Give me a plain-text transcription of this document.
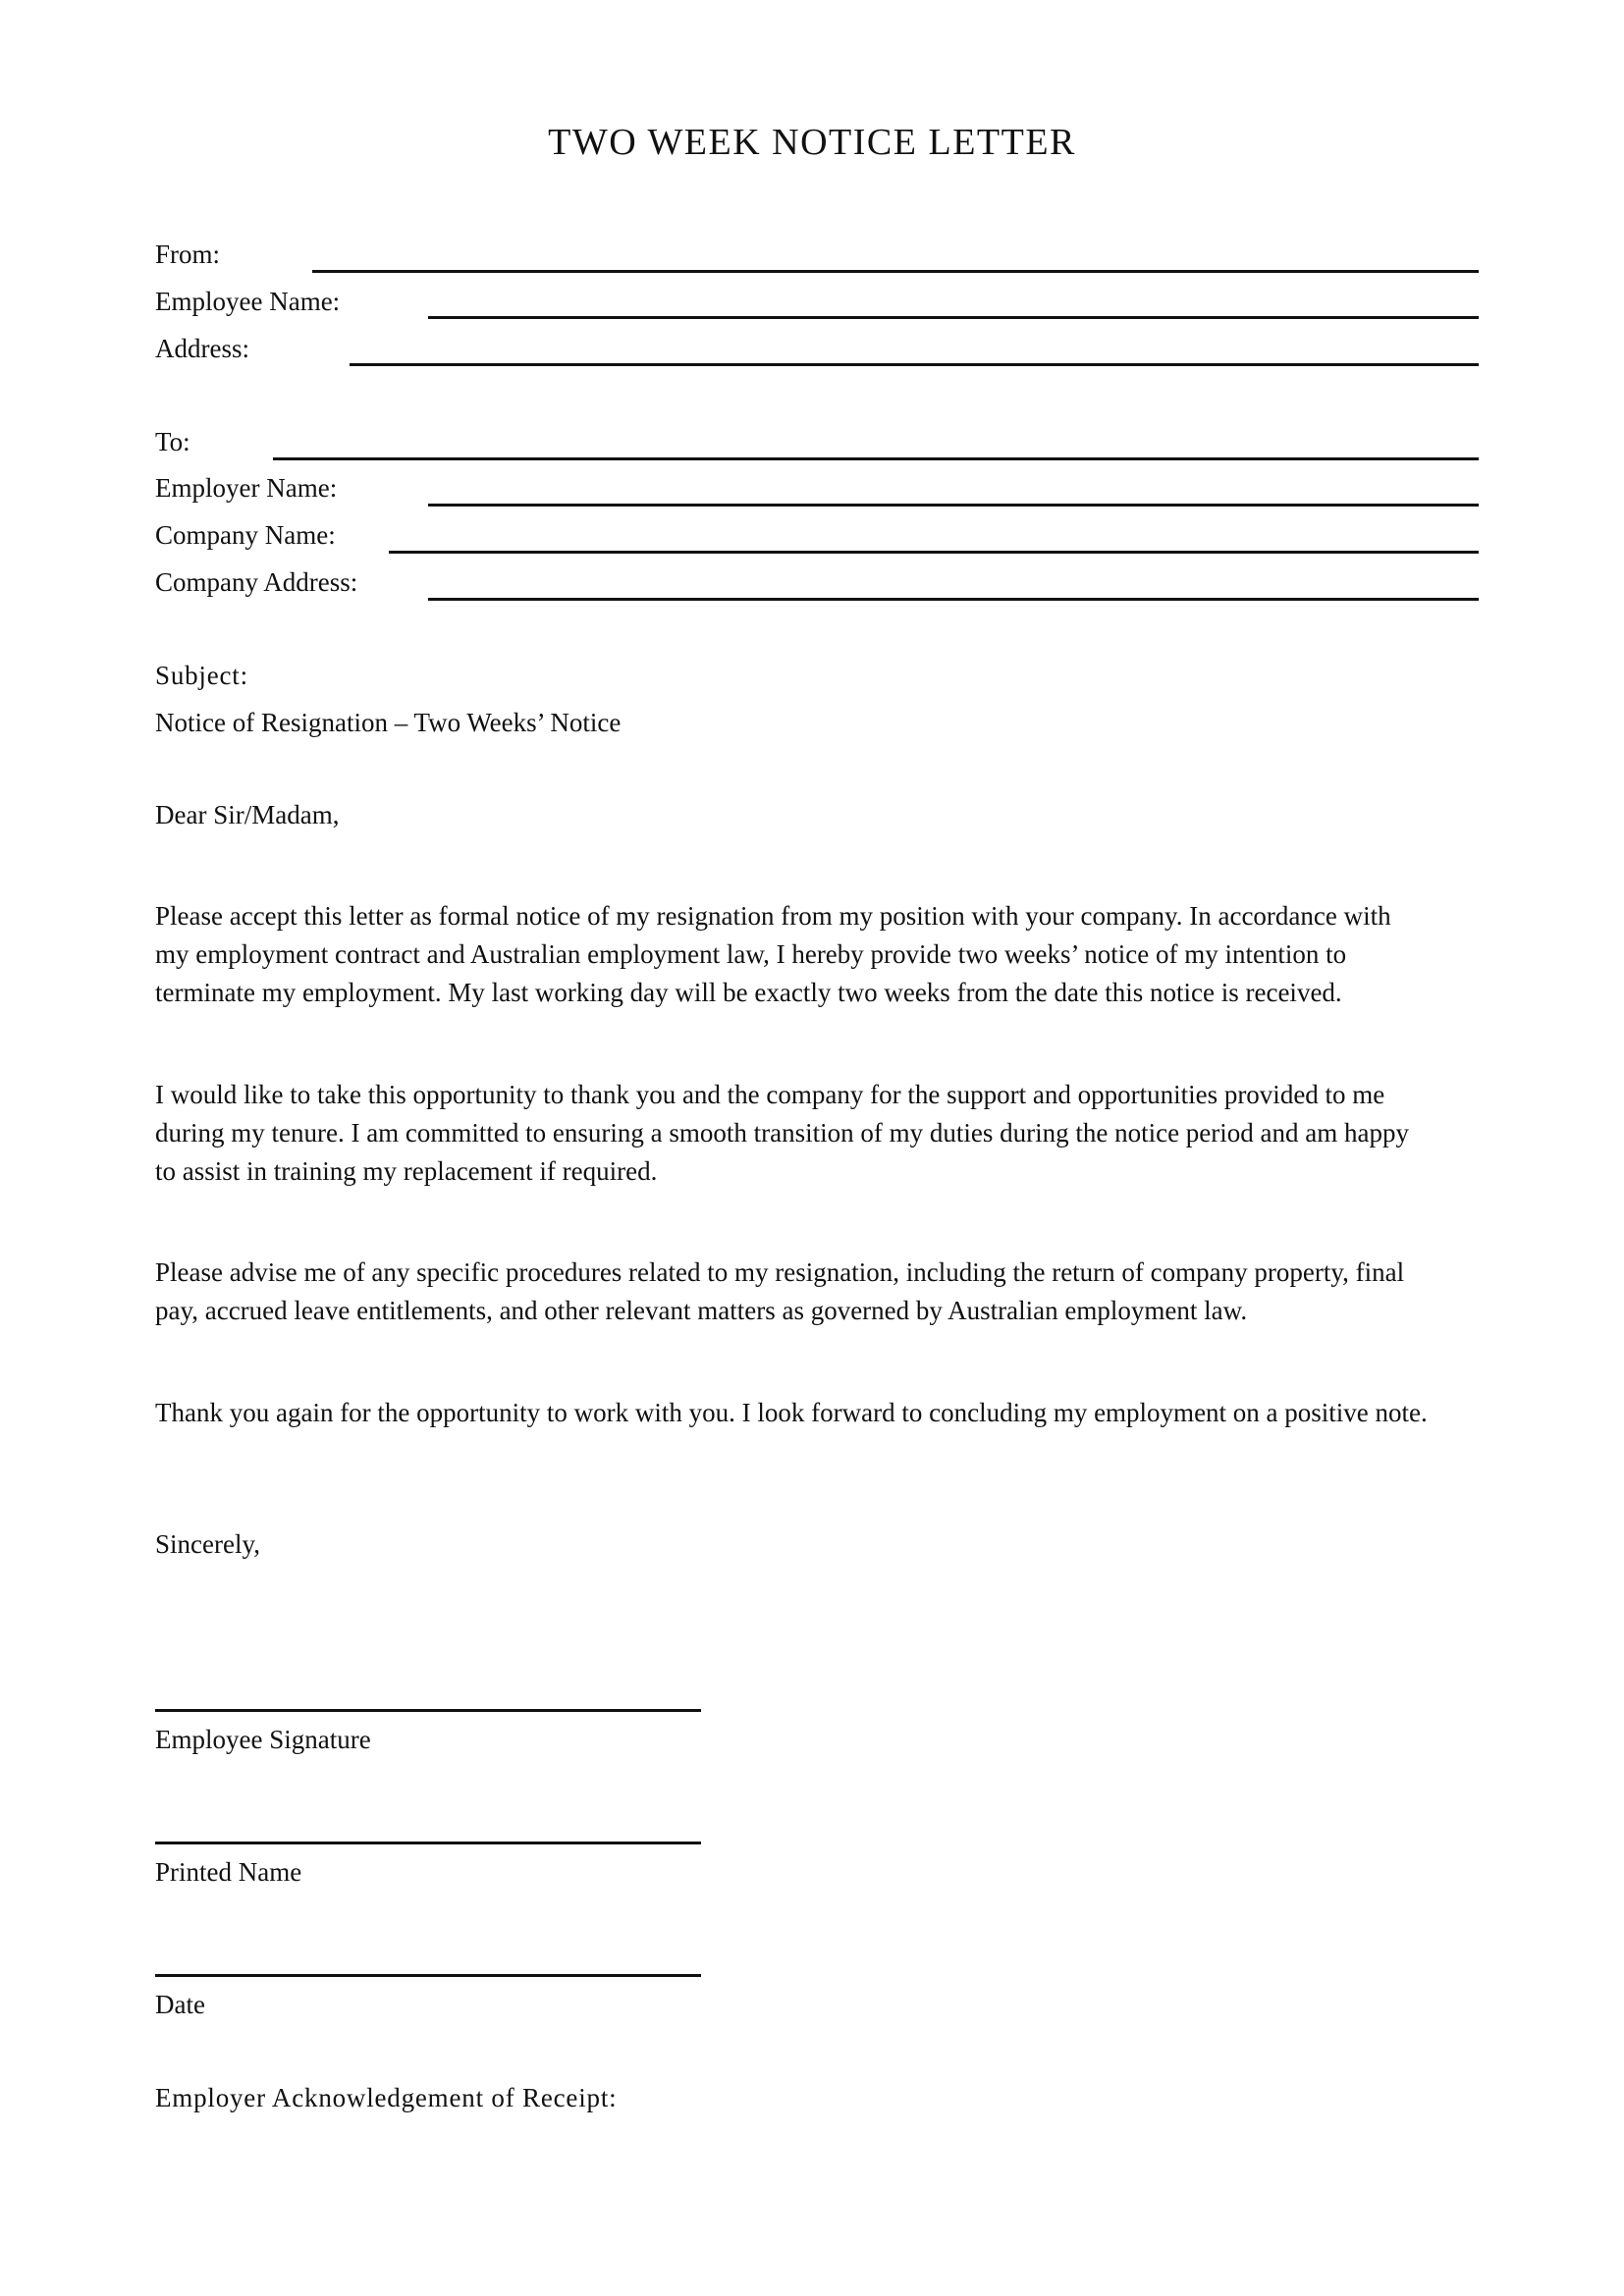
TWO WEEK NOTICE LETTER
From:
Employee Name:
Address:
To:
Employer Name:
Company Name:
Company Address:
Subject:
Notice of Resignation – Two Weeks’ Notice
Dear Sir/Madam,
Please accept this letter as formal notice of my resignation from my position with your company. In accordance with
my employment contract and Australian employment law, I hereby provide two weeks’ notice of my intention to
terminate my employment. My last working day will be exactly two weeks from the date this notice is received.
I would like to take this opportunity to thank you and the company for the support and opportunities provided to me
during my tenure. I am committed to ensuring a smooth transition of my duties during the notice period and am happy
to assist in training my replacement if required.
Please advise me of any specific procedures related to my resignation, including the return of company property, final
pay, accrued leave entitlements, and other relevant matters as governed by Australian employment law.
Thank you again for the opportunity to work with you. I look forward to concluding my employment on a positive note.
Sincerely,
Employee Signature
Printed Name
Date
Employer Acknowledgement of Receipt:
